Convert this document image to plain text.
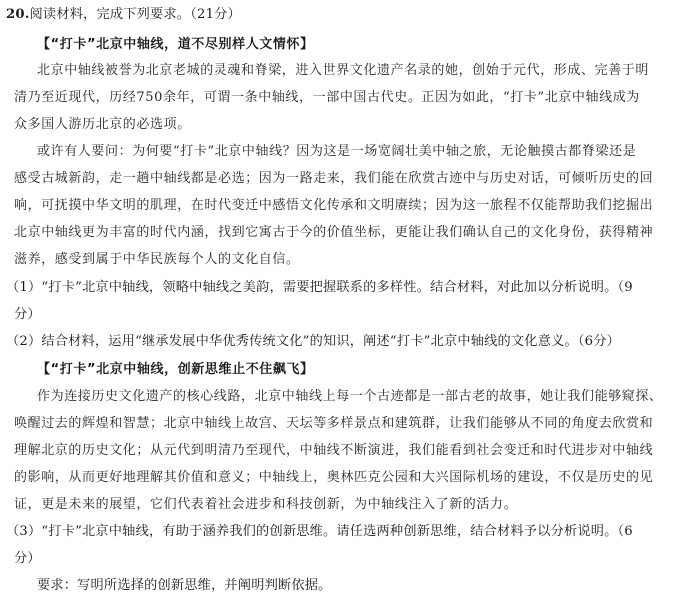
20.阅读材料，完成下列要求。（21分）
【“打卡”北京中轴线，道不尽别样人文情怀】
北京中轴线被誉为北京老城的灵魂和脊梁，进入世界文化遗产名录的她，创始于元代，形成、完善于明
清乃至近现代，历经750余年，可谓一条中轴线，一部中国古代史。正因为如此，“打卡”北京中轴线成为
众多国人游历北京的必选项。
或许有人要问：为何要“打卡”北京中轴线？因为这是一场宽阔壮美中轴之旅，无论触摸古都脊梁还是
感受古城新韵，走一趟中轴线都是必选；因为一路走来，我们能在欣赏古迹中与历史对话，可倾听历史的回
响，可抚摸中华文明的肌理，在时代变迁中感悟文化传承和文明赓续；因为这一旅程不仅能帮助我们挖掘出
北京中轴线更为丰富的时代内涵，找到它寓古于今的价值坐标，更能让我们确认自己的文化身份，获得精神
滋养，感受到属于中华民族每个人的文化自信。
（1）“打卡”北京中轴线，领略中轴线之美韵，需要把握联系的多样性。结合材料，对此加以分析说明。（9
分）
（2）结合材料，运用“继承发展中华优秀传统文化”的知识，阐述“打卡”北京中轴线的文化意义。（6分）
【“打卡”北京中轴线，创新思维止不住飙飞】
作为连接历史文化遗产的核心线路，北京中轴线上每一个古迹都是一部古老的故事，她让我们能够窥探、
唤醒过去的辉煌和智慧；北京中轴线上故宫、天坛等多样景点和建筑群，让我们能够从不同的角度去欣赏和
理解北京的历史文化；从元代到明清乃至现代，中轴线不断演进，我们能看到社会变迁和时代进步对中轴线
的影响，从而更好地理解其价值和意义；中轴线上，奥林匹克公园和大兴国际机场的建设，不仅是历史的见
证，更是未来的展望，它们代表着社会进步和科技创新，为中轴线注入了新的活力。
（3）“打卡”北京中轴线，有助于涵养我们的创新思维。请任选两种创新思维，结合材料予以分析说明。（6
分）
要求：写明所选择的创新思维，并阐明判断依据。
